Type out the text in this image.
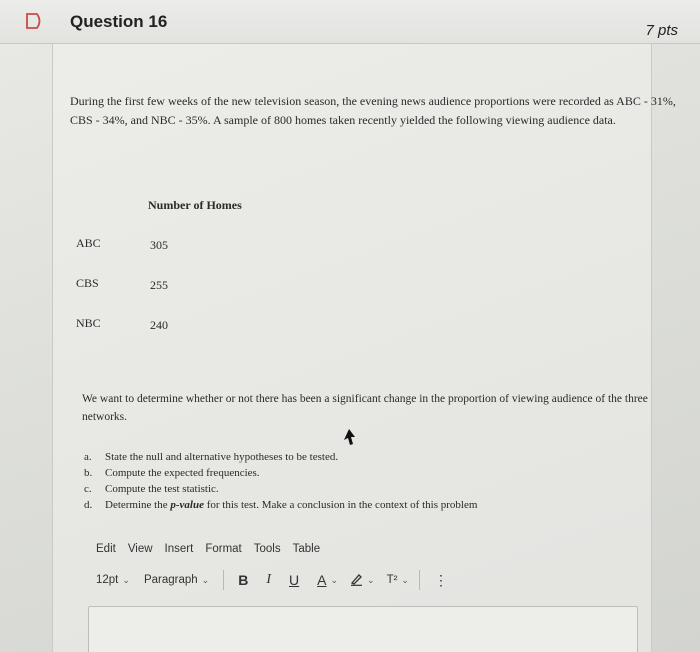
Question 16	7 pts
During the first few weeks of the new television season, the evening news audience proportions were recorded as ABC - 31%, CBS - 34%, and NBC - 35%. A sample of 800 homes taken recently yielded the following viewing audience data.
Number of Homes
ABC	305
CBS	255
NBC	240
We want to determine whether or not there has been a significant change in the proportion of viewing audience of the three networks.
a. State the null and alternative hypotheses to be tested.
b. Compute the expected frequencies.
c. Compute the test statistic.
d. Determine the p-value for this test. Make a conclusion in the context of this problem
Edit View Insert Format Tools Table
12pt ⌄ Paragraph ⌄ B I U A ⌄	⌄ T² ⌄ ⋮
